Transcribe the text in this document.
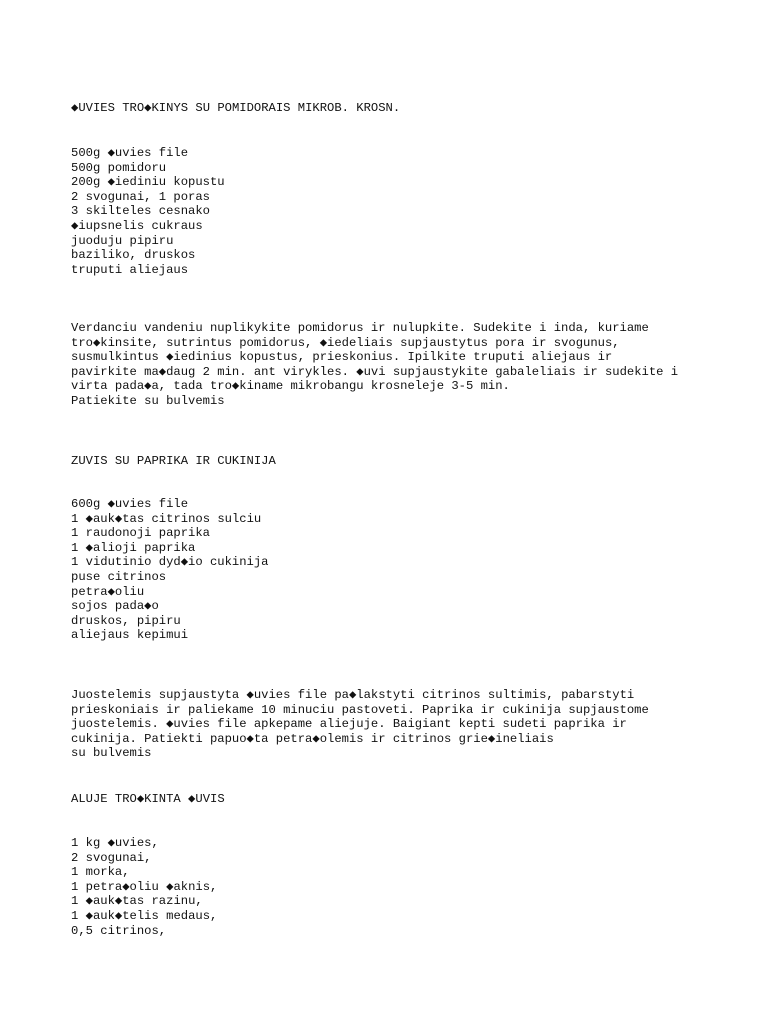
◆UVIES TRO◆KINYS SU POMIDORAIS MIKROB. KROSN.
500g ◆uvies file
500g pomidoru
200g ◆iediniu kopustu
2 svogunai, 1 poras
3 skilteles cesnako
◆iupsnelis cukraus
juoduju pipiru
baziliko, druskos
truputi aliejaus
Verdanciu vandeniu nuplikykite pomidorus ir nulupkite. Sudekite i inda, kuriame
tro◆kinsite, sutrintus pomidorus, ◆iedeliais supjaustytus pora ir svogunus,
susmulkintus ◆iedinius kopustus, prieskonius. Ipilkite truputi aliejaus ir
pavirkite ma◆daug 2 min. ant virykles. ◆uvi supjaustykite gabaleliais ir sudekite i
virta pada◆a, tada tro◆kiname mikrobangu krosneleje 3-5 min.
Patiekite su bulvemis
ZUVIS SU PAPRIKA IR CUKINIJA
600g ◆uvies file
1 ◆auk◆tas citrinos sulciu
1 raudonoji paprika
1 ◆alioji paprika
1 vidutinio dyd◆io cukinija
puse citrinos
petra◆oliu
sojos pada◆o
druskos, pipiru
aliejaus kepimui
Juostelemis supjaustyta ◆uvies file pa◆lakstyti citrinos sultimis, pabarstyti
prieskoniais ir paliekame 10 minuciu pastoveti. Paprika ir cukinija supjaustome
juostelemis. ◆uvies file apkepame aliejuje. Baigiant kepti sudeti paprika ir
cukinija. Patiekti papuo◆ta petra◆olemis ir citrinos grie◆ineliais
su bulvemis
ALUJE TRO◆KINTA ◆UVIS
1 kg ◆uvies,
2 svogunai,
1 morka,
1 petra◆oliu ◆aknis,
1 ◆auk◆tas razinu,
1 ◆auk◆telis medaus,
0,5 citrinos,
